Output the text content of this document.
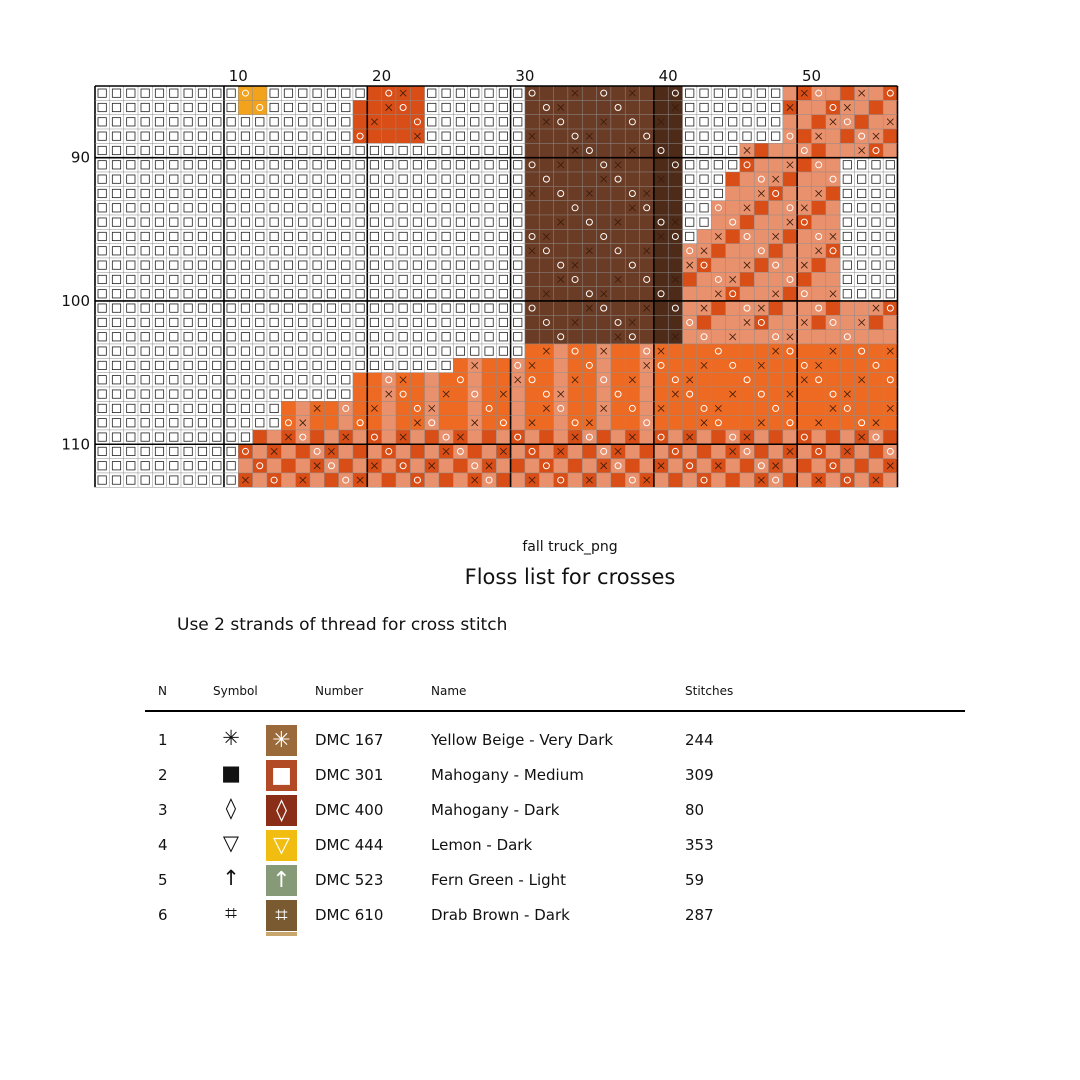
10	20	30	40	50
90
100
110
fall truck_png
Floss list for crosses
Use 2 strands of thread for cross stitch
N	Symbol	Number	Name	Stitches
1	✳	✳	DMC 167	Yellow Beige - Very Dark	244
2	■	■	DMC 301	Mahogany - Medium	309
3	◊	◊	DMC 400	Mahogany - Dark	80
4	▽	▽	DMC 444	Lemon - Dark	353
5	↑	↑	DMC 523	Fern Green - Light	59
6	⌗	⌗	DMC 610	Drab Brown - Dark	287
